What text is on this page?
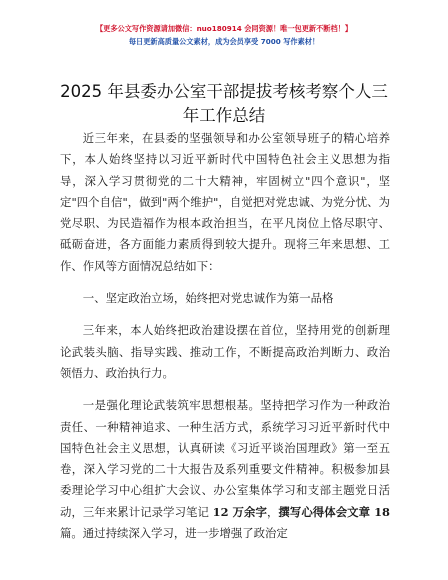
【更多公文写作资源请加微信：nuo180914 会同资源！唯一包更新不断档！】
每日更新高质量公文素材，成为会员享受 7000 写作素材！
2025 年县委办公室干部提拔考核考察个人三年工作总结

近三年来，在县委的坚强领导和办公室领导班子的精心培养下，本人始终坚持以习近平新时代中国特色社会主义思想为指导，深入学习贯彻党的二十大精神，牢固树立"四个意识"，坚定"四个自信"，做到"两个维护"，自觉把对党忠诚、为党分忧、为党尽职、为民造福作为根本政治担当，在平凡岗位上恪尽职守、砥砺奋进，各方面能力素质得到较大提升。现将三年来思想、工作、作风等方面情况总结如下：

一、坚定政治立场，始终把对党忠诚作为第一品格

三年来，本人始终把政治建设摆在首位，坚持用党的创新理论武装头脑、指导实践、推动工作，不断提高政治判断力、政治领悟力、政治执行力。

一是强化理论武装筑牢思想根基。坚持把学习作为一种政治责任、一种精神追求、一种生活方式，系统学习习近平新时代中国特色社会主义思想，认真研读《习近平谈治国理政》第一至五卷，深入学习党的二十大报告及系列重要文件精神。积极参加县委理论学习中心组扩大会议、办公室集体学习和支部主题党日活动，三年来累计记录学习笔记 12 万余字，撰写心得体会文章 18 篇。通过持续深入学习，进一步增强了政治定
